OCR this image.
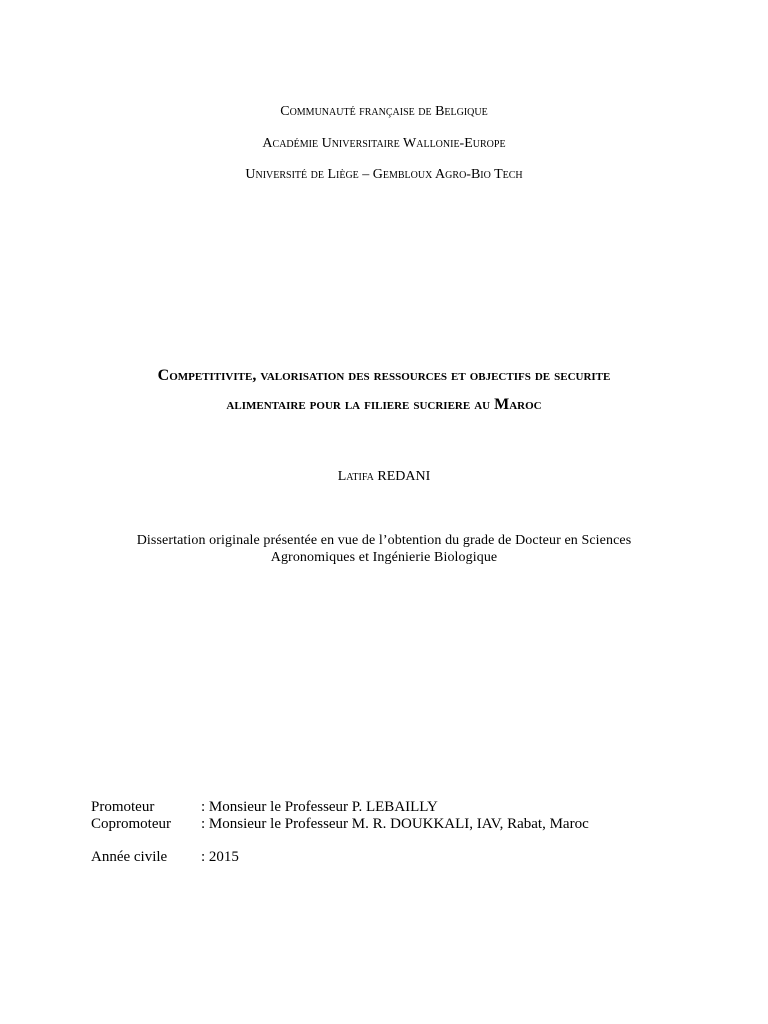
Communauté française de Belgique
Académie Universitaire Wallonie-Europe
Université de Liège – Gembloux Agro-Bio Tech
Competitivite, valorisation des ressources et objectifs de securite
alimentaire pour la filiere sucriere au Maroc
Latifa REDANI
Dissertation originale présentée en vue de l’obtention du grade de Docteur en Sciences
Agronomiques et Ingénierie Biologique
Promoteur	: Monsieur le Professeur P. LEBAILLY
Copromoteur : Monsieur le Professeur M. R. DOUKKALI, IAV, Rabat, Maroc
Année civile : 2015
